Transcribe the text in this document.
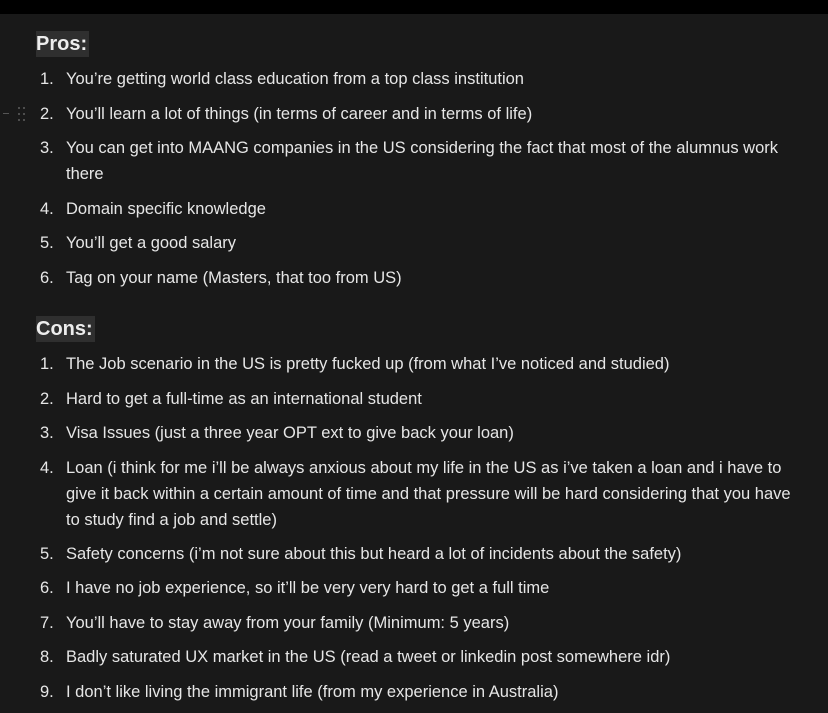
Pros:
1. You’re getting world class education from a top class institution
2. You’ll learn a lot of things (in terms of career and in terms of life)
3. You can get into MAANG companies in the US considering the fact that most of the alumnus work there
4. Domain specific knowledge
5. You’ll get a good salary
6. Tag on your name (Masters, that too from US)
Cons:
1. The Job scenario in the US is pretty fucked up (from what I’ve noticed and studied)
2. Hard to get a full-time as an international student
3. Visa Issues (just a three year OPT ext to give back your loan)
4. Loan (i think for me i’ll be always anxious about my life in the US as i’ve taken a loan and i have to give it back within a certain amount of time and that pressure will be hard considering that you have to study find a job and settle)
5. Safety concerns (i’m not sure about this but heard a lot of incidents about the safety)
6. I have no job experience, so it’ll be very very hard to get a full time
7. You’ll have to stay away from your family (Minimum: 5 years)
8. Badly saturated UX market in the US (read a tweet or linkedin post somewhere idr)
9. I don’t like living the immigrant life (from my experience in Australia)
